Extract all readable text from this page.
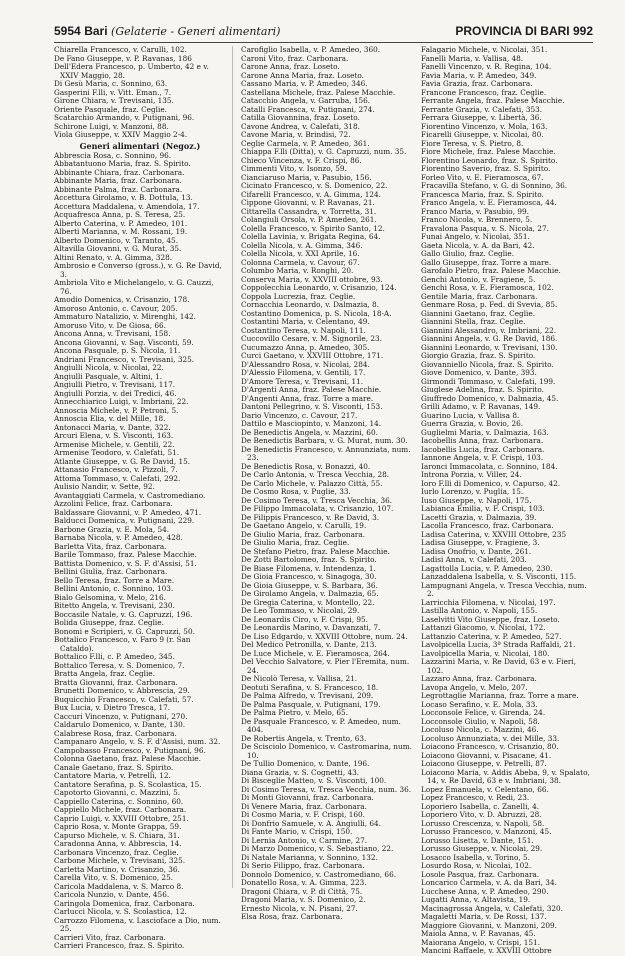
5954 Bari (Gelaterie - Generi alimentari)	PROVINCIA DI BARI 992
Chiarella Francesco, v. Carulli, 102.
De Fano Giuseppe, v. P. Ravanas, 186
Dell'Edera Francesco, p. Umberto, 42 e v. XXIV Maggio, 28.
Di Gesù Maria, c. Sonnino, 63.
Gasperini F.lli, v. Vitt. Eman., 7.
Girone Chiara, v. Trevisani, 135.
Oriente Pasquale, fraz. Ceglie.
Scatarchio Armando, v. Putignani, 96.
Schirone Luigi, v. Manzoni, 88.
Viola Giuseppe, v. XXIV Maggio 2-4.
Generi alimentari (Negoz.)
Abbrescia Rosa, c. Sonnino, 96.
Abbatantuono Maria, fraz. S. Spirito.
Abbinante Chiara, fraz. Carbonara.
Abbinante Maria, fraz. Carbonara.
Abbinante Palma, fraz. Carbonara.
Accettura Girolamo, v. B. Dottula, 13.
Accettura Maddalena, v. Amendola, 17.
Acquafresca Anna, p. S. Teresa, 25.
Alberto Caterina, v. P. Amedeo, 101.
Alberti Marianna, v. M. Rossani, 19.
Alberto Domenico, v. Taranto, 45.
Altavilla Giovanni, v. G. Murat, 35.
Altini Renato, v. A. Gimma, 328.
Ambrosio e Converso (gross.), v. G. Re David, 3.
Ambriola Vito e Michelangelo, v. G. Cauzzi, 76.
Amodio Domenica, v. Crisanzio, 178.
Amoroso Antonio, c. Cavour, 205.
Ammaturo Natalizio, v. Mirenghi, 142.
Amoruso Vito, v. De Giosa, 66.
Ancona Anna, v. Trevisani, 158.
Ancona Giovanni, v. Sag. Visconti, 59.
Ancona Pasquale, p. S. Nicola, 11.
Andriani Francesco, v. Trevisani, 325.
Angiulli Nicola, v. Nicolai, 22.
Angiulli Pasquale, v. Altini, 1.
Angiulli Pietro, v. Trevisani, 117.
Angiulli Porzia, v. dei Tredici, 46.
Annecchiarico Luigi, v. Imbriani, 22.
Annoscia Michele, v. P. Petroni, 5.
Annoscia Elia, v. del Mille, 18.
Antonacci Maria, v. Dante, 322.
Arcuri Elena, v. S. Visconti, 163.
Armenise Michele, v. Gentili, 22.
Armenise Teodoro, v. Calefati, 51.
Atlante Giuseppe, v. G. Re David, 15.
Attanasio Francesco, v. Pizzoli, 7.
Attoma Tommaso, v. Calefati, 292.
Aulisio Nandir, v. Sette, 92.
Avantaggiati Carmela, v. Castromediano.
Azzolini Felice, fraz. Carbonara.
Baldassare Giovanni, v. P. Amedeo, 471.
Balducci Domenica, v. Putignani, 229.
Barbone Grazia, v. E. Mola, 54.
Barnaba Nicola, v. P. Amedeo, 428.
Barletta Vita, fraz. Carbonara.
Barile Tommaso, fraz. Palese Macchie.
Battista Domenico, v. S. F. d'Assisi, 51.
Bellini Giulia, fraz. Carbonara.
Bello Teresa, fraz. Torre a Mare.
Bellini Antonio, c. Sonnino, 103.
Bialo Gelsomina, v. Melo, 216.
Bitetto Angela, v. Trevisani, 230.
Boccasile Natale, v. G. Capruzzi, 196.
Bolida Giuseppe, fraz. Ceglie.
Bonomi e Scripieri, v. G. Capruzzi, 50.
Bottalico Francesco, v. Faro 9 (r. San Cataldo).
Bottalico F.lli, c. P. Amedeo, 345.
Bottalico Teresa, v. S. Domenico, 7.
Bratta Angela, fraz. Ceglie.
Bratta Giovanni, fraz. Carbonara.
Brunetti Domenico, v. Abbrescia, 29.
Buquicchio Francesco, v. Calefati, 57.
Bux Lucia, v. Dietro Tresca, 17.
Caccuri Vincenzo, v. Putignani, 270.
Caldarulo Domenico, v. Dante, 130.
Calabrese Rosa, fraz. Carbonara.
Campanaro Angelo, v. S. F. d'Assisi, num. 32.
Campobasso Francesco, v. Putignani, 96.
Colonna Gaetano, fraz. Palese Macchie.
Canale Gaetano, fraz. S. Spirito.
Cantatore Maria, v. Petrelli, 12.
Cantatore Serafina, p. S. Scolastica, 15.
Capotorto Giovanni, c. Mazzini, 5.
Cappiello Caterina, c. Sonnino, 60.
Cappiello Michele, fraz. Carbonara.
Caprio Luigi, v. XXVIII Ottobre, 251.
Caprio Rosa, v. Monte Grappa, 59.
Capurso Michele, v. S. Chiara, 31.
Caradonna Anna, v. Abbrescia, 14.
Carbonara Vincenzo, fraz. Ceglie.
Carbone Michele, v. Trevisani, 325.
Carletta Martino, v. Crisanzio, 36.
Carella Vito, v. S. Domenico, 25.
Caricola Maddalena, v. S. Marco 8.
Caricola Nunzio, v. Dante, 456.
Caringola Domenica, fraz. Carbonara.
Carlucci Nicola, v. S. Scolastica, 12.
Carrozzo Filomena, v. Lascioface a Dio, num. 25.
Carrieri Vito, fraz. Carbonara.
Carrieri Francesco, fraz. S. Spirito.
Carofiglio Isabella, v. P. Amedeo, 360.
Caroni Vito, fraz. Carbonara.
Carone Anna, fraz. Loseto.
Carone Anna Maria, fraz. Loseto.
Cassano Maria, v. P. Amedeo, 346.
Castellana Michele, fraz. Palese Macchie.
Catacchio Angela, v. Garruba, 156.
Catalli Francesca, v. Putignani, 274.
Catilla Giovannina, fraz. Loseto.
Cavone Andrea, v. Calefati, 318.
Cavone Maria, v. Brindisi, 72.
Ceglie Carmela, v. P. Amedeo, 361.
Chiappa F.lli (Ditta), v. G. Capruzzi, num. 35.
Chieco Vincenza, v. F. Crispi, 86.
Cimmenti Vito, v. Isonzo, 59.
Cianciaruso Maria, v. Pasubio, 156.
Cicinato Francesco, v. S. Domenico, 22.
Cifarelli Francesco, v. A. Gimma, 124.
Cippone Giovanni, v. P. Ravanas, 21.
Cittarella Cassandra, v. Torretta, 31.
Colangiuli Orsola, v. P. Amedeo, 261.
Colella Francesco, v. Spirito Santo, 12.
Colella Lavinia, v. Brigata Regina, 64.
Colella Nicola, v. A. Gimma, 346.
Colella Nicola, v. XXI Aprile, 16.
Colonna Carmela, v. Cavour, 67.
Columbo Maria, v. Ronghi, 20.
Conserva Maria, v. XXVIII ottobre, 93.
Coppolecchia Leonardo, v. Crisanzio, 124.
Coppola Lucrezia, fraz. Ceglie.
Cornacchia Leonardo, v. Dalmazia, 8.
Costantino Domenica, p. S. Nicola, 18-A.
Costantini Maria, v. Celentano, 49.
Costantino Teresa, v. Napoli, 111.
Cuccovillo Cesare, v. M. Signorile, 23.
Cucumazzo Anna, p. Amedeo, 305.
Curci Gaetano, v. XXVIII Ottobre, 171.
D'Alessandro Rosa, v. Nicolai, 284.
D'Alessio Filomena, v. Gentili, 17.
D'Amore Teresa, v. Trevisani, 11.
D'Argenti Anna, fraz. Palese Macchie.
D'Angenti Anna, fraz. Torre a mare.
Dantoni Pellegrino, v. S. Visconti, 153.
Dario Vincenzo, c. Cavour, 217.
Dattilo e Masciopinto, v. Manzoni, 14.
De Benedictis Angela, v. Mazzini, 60.
De Benedictis Barbara, v. G. Murat, num. 30.
De Benedictis Francesco, v. Annunziata, num. 23.
De Benedictis Rosa, v. Bonazzi, 40.
De Carlo Antonia, v. Tresca Vecchia, 28.
De Carlo Michele, v. Palazzo Città, 55.
De Cosmo Rosa, v. Puglie, 33.
De Cosimo Teresa, v. Tresca Vecchia, 36.
De Filippo Immacolata, v. Crisanzio, 107.
De Filippis Francesco, v. Re David, 3.
De Gaetano Angelo, v. Carulli, 19.
De Giulio Maria, fraz. Carbonara.
De Giulio Maria, fraz. Ceglie.
De Stefano Pietro, fraz. Palese Macchie.
De Zotti Bartolomeo, fraz. S. Spirito.
De Biase Filomena, v. Intendenza, 1.
De Gioia Francesco, v. Sinagoga, 30.
De Gioia Giuseppe, v. S. Barbara, 36.
De Girolamo Angela, v. Dalmazia, 65.
De Gregia Caterina, v. Montello, 22.
De Leo Tommaso, v. Nicolai, 29.
De Leonardis Ciro, v. F. Crispi, 95.
De Leonardis Marino, v. Davanzati, 7.
De Liso Edgardo, v. XXVIII Ottobre, num. 24.
Del Medico Petronilla, v. Dante, 213.
De Luce Michele, v. E. Fieramosca, 264.
Del Vecchio Salvatore, v. Pier l'Eremita, num. 24.
De Nicolò Teresa, v. Vallisa, 21.
Deotuti Serafina, v. S. Francesco, 18.
De Palma Alfredo, v. Trevisani, 209.
De Palma Pasquale, v. Putignani, 179.
De Palma Pietro, v. Melo, 65.
De Pasquale Francesco, v. P. Amedeo, num. 404.
De Robertis Angela, v. Trento, 63.
De Scisciolo Domenico, v. Castromarina, num. 10.
De Tullio Domenico, v. Dante, 196.
Diana Grazia, v. S. Cognetti, 43.
Di Bisceglie Matteo, v. S. Visconti, 100.
Di Cosimo Teresa, v. Tresca Vecchia, num. 36.
Di Monti Giovanni, fraz. Carbonara.
Di Venere Maria, fraz. Carbonara.
Di Cosmo Maria, v. F. Crispi, 160.
Di Donfrio Samuele, v. A. Angiulli, 64.
Di Fante Mario, v. Crispi, 150.
Di Lernia Antonio, v. Carmine, 27.
Di Marzo Domenico, v. S. Sebastiano, 22.
Di Natale Marianna, v. Sonnino, 132.
Di Serio Filippo, fraz. Carbonara.
Donnolo Domenico, v. Castromediano, 66.
Donatello Rosa, v. A. Gimma, 223.
Dragoni Chiara, v. P. di Città, 75.
Dragoni Maria, v. S. Domenico, 2.
Ernesto Nicola, v. N. Pisani, 27.
Elsa Rosa, fraz. Carbonara.
Falagario Michele, v. Nicolai, 351.
Fanelli Maria, v. Vallisa, 48.
Fanelli Vincenzo, v. R. Regina, 104.
Favia Maria, v. P. Amedeo, 349.
Favia Grazia, fraz. Carbonara.
Francone Francesco, fraz. Ceglie.
Ferrante Angela, fraz. Palese Macchie.
Ferrante Grazia, v. Calefati, 353.
Ferrara Giuseppe, v. Libertà, 36.
Fiorentino Vincenzo, v. Mola, 163.
Ficarelli Giuseppe, v. Nicolai, 80.
Fiore Teresa, v. S. Pietro, 8.
Fiore Michele, fraz. Palese Macchie.
Florentino Leonardo, fraz. S. Spirito.
Fiorentino Saverio, fraz. S. Spirito.
Forleo Vito, v. E. Fieramosca, 67.
Fracavilla Stefano, v. G. di Sonnino, 36.
Francesca Maria, fraz. S. Spirito.
Franco Angela, v. E. Fieramosca, 44.
Franco Maria, v. Pasubio, 99.
Franco Nicola, v. Brennero, 5.
Fravalona Pasqua, v. S. Nicola, 27.
Funai Angelo, v. Nicolai, 351.
Gaeta Nicola, v. A. da Bari, 42.
Gallo Giulio, fraz. Ceglie.
Gallo Giuseppe, fraz. Torre a mare.
Garofalo Pietro, fraz. Palese Macchie.
Genchi Antonio, v. Fragiene, 5.
Genchi Rosa, v. E. Fieramosca, 102.
Gentile Maria, fraz. Carbonara.
Genmare Rosa, p. Fed. di Svevia, 85.
Giannini Gaetano, fraz. Ceglie.
Giannini Stella, fraz. Ceglie.
Giannini Alessandro, v. Imbriani, 22.
Giannini Angela, v. G. Re David, 186.
Giannini Leonardo, v. Trevisani, 130.
Giorgio Grazia, fraz. S. Spirito.
Giovanniello Nicola, fraz. S. Spirito.
Giove Domenico, v. Dante, 393.
Girmondi Tommaso, v. Calefati, 199.
Giuglese Adelina, fraz. S. Spirito.
Giuffredo Domenico, v. Dalmazia, 45.
Grilli Adamo, v. P. Ravanas, 149.
Guarino Lucia, v. Vallisa 8.
Guerra Grazia, v. Bovio, 26.
Guglielmi Maria, v. Dalmazia, 163.
Iacobellis Anna, fraz. Carbonara.
Iacobellis Lucia, fraz. Carbonara.
Iannone Angela, v. F. Crispi, 103.
Iaronci Immacolata, c. Sonnino, 184.
Introna Porzia, v. Viller, 24.
Ioro F.lli di Domenico, v. Capurso, 42.
Iurlo Lorenzo, v. Puglia, 15.
Iuso Giuseppe, v. Napoli, 175.
Labianca Emilia, v. F. Crispi, 103.
Lacetti Grazia, v. Dalmazia, 39.
Lacolla Francesco, fraz. Carbonara.
Ladisa Caterina, v. XXVIII Ottobre, 235
Ladisa Giuseppe, v. Fragiene, 3.
Ladisa Onofrio, v. Dante, 261.
Ladisi Anna, v. Calefati, 203.
Lagattolla Lucia, v. P. Amedeo, 230.
Lanzaddalena Isabella, v. S. Visconti, 115.
Lampugnani Angela, v. Tresca Vecchia, num. 2.
Larricchia Filomena, v. Nicolai, 197.
Lastilla Antonio, v. Napoli, 155.
Laselvitti Vito Giuseppe, fraz. Loseto.
Lattanzi Giacomo, v. Nicolai, 172.
Lattanzio Caterina, v. P. Amedeo, 527.
Lavolpicella Lucia, 3ª Strada Raffaldi, 21.
Lavolpicella Maria, v. Nicolai, 180.
Lazzarini Maria, v. Re David, 63 e v. Fieri, 102.
Lazzaro Anna, fraz. Carbonara.
Lavopa Angelo, v. Melo, 207.
Legrottaglie Marianna, fraz. Torre a mare.
Locaso Serafino, v. E. Mola, 33.
Locconsole Felice, v. Girenda, 24.
Locconsole Giulio, v. Napoli, 58.
Locoluso Nicola, c. Mazzini, 46.
Locoluso Annunziata, v. dei Mille, 33.
Loiacono Francesco, v. Crisanzio, 80.
Loiacono Giovanni, v. Pisacane, 41.
Loiacono Giuseppe, v. Petrelli, 87.
Loiacono Maria, v. Addis Abeba, 9, v. Spalato, 14, v. Re David, 63 e v. Imbriani, 38.
Lopez Emanuela, v. Celentano, 66.
Lopez Francesco, v. Redi, 23.
Loporiero Isabella, c. Zanelli, 4.
Loporiero Vito, v. D. Abruzzi, 28.
Lorusso Crescenza, v. Napoli, 58.
Lorusso Francesco, v. Manzoni, 45.
Lorusso Lisetta, v. Dante, 151.
Lorusso Giuseppe, v. Nicolai, 29.
Losacco Isabella, v. Torino, 5.
Losurdo Rosa, v. Nicolai, 102.
Losole Pasqua, fraz. Carbonara.
Loncarico Carmela, v. A. da Bari, 34.
Lucchese Anna, v. P. Amedeo, 290.
Lugatti Anna, v. Altavista, 19.
Macinagrossa Angela, v. Calefati, 320.
Magaletti Maria, v. De Rossi, 137.
Maggiore Giovanni, v. Manzoni, 209.
Maiola Anna, v. P. Ravanas, 45.
Maiorana Angelo, v. Crispi, 151.
Mancini Raffaele, v. XXVIII Ottobre
